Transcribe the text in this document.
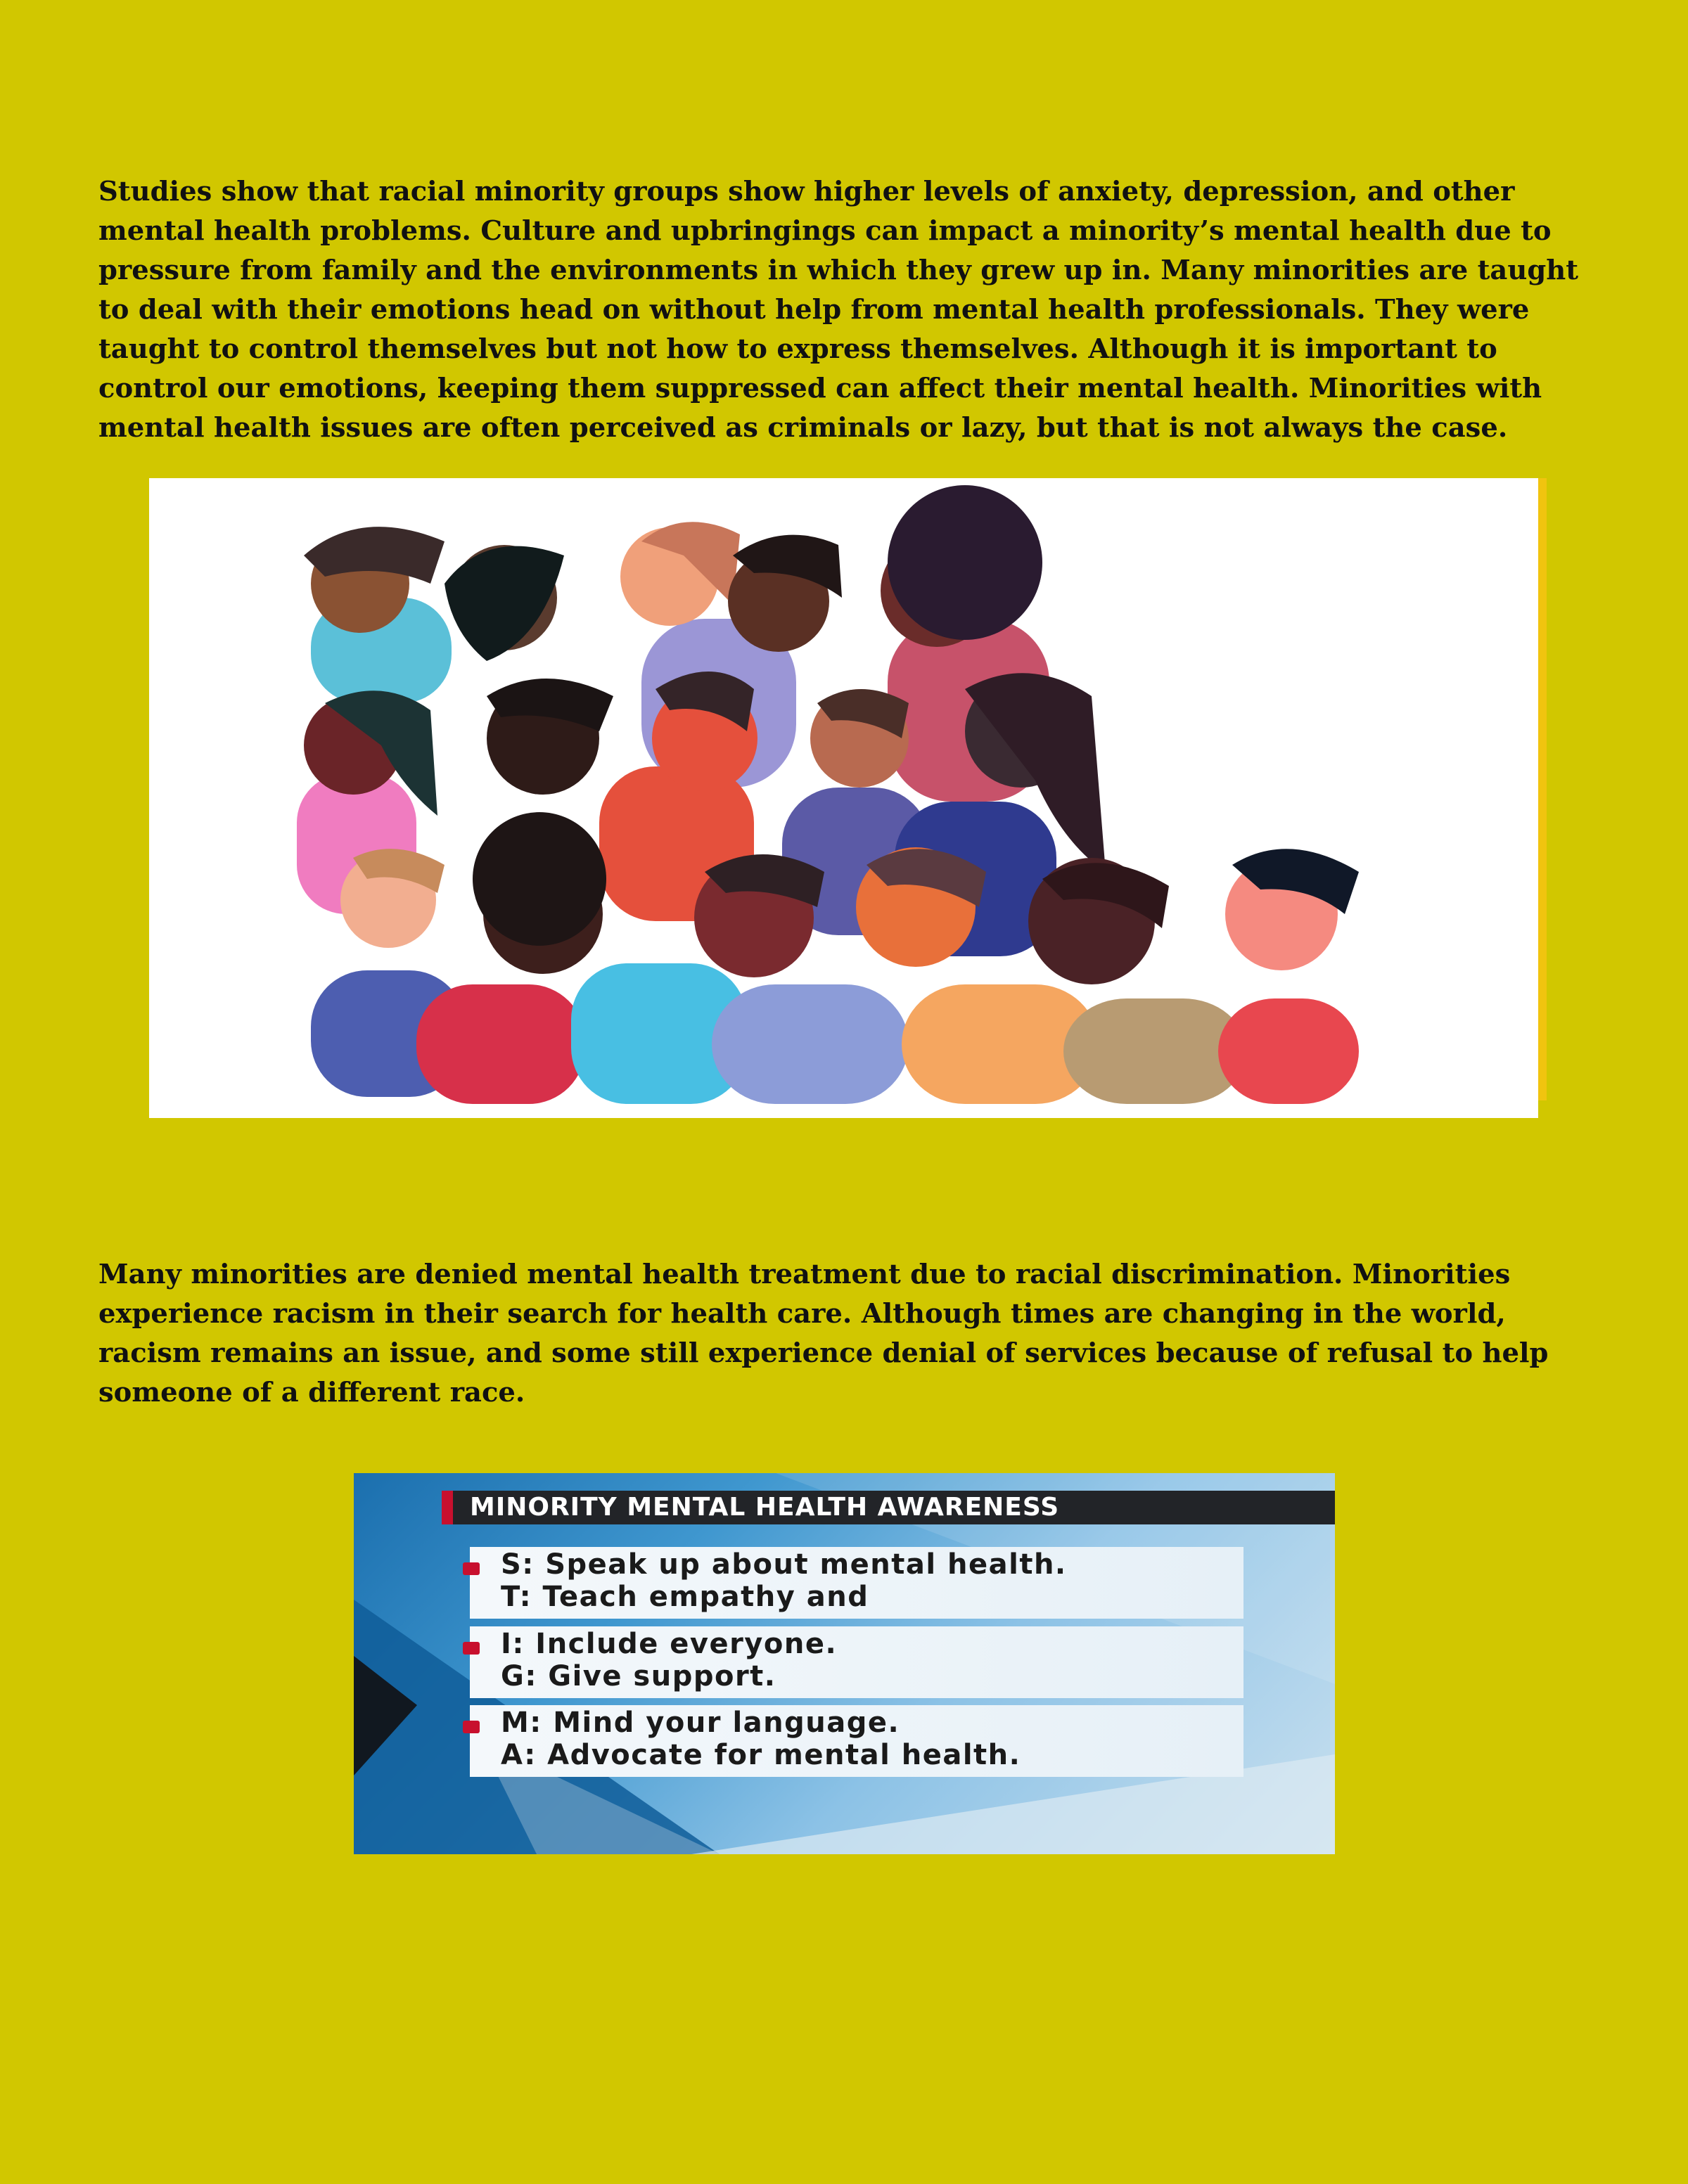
Studies show that racial minority groups show higher levels of anxiety, depression, and other mental health problems. Culture and upbringings can impact a minority’s mental health due to pressure from family and the environments in which they grew up in. Many minorities are taught to deal with their emotions head on without help from mental health professionals. They were taught to control themselves but not how to express themselves. Although it is important to control our emotions, keeping them suppressed can affect their mental health. Minorities with mental health issues are often perceived as criminals or lazy, but that is not always the case.

Many minorities are denied mental health treatment due to racial discrimination. Minorities experience racism in their search for health care. Although times are changing in the world, racism remains an issue, and some still experience denial of services because of refusal to help someone of a different race.

MINORITY MENTAL HEALTH AWARENESS
S: Speak up about mental health.
T: Teach empathy and
I: Include everyone.
G: Give support.
M: Mind your language.
A: Advocate for mental health.
